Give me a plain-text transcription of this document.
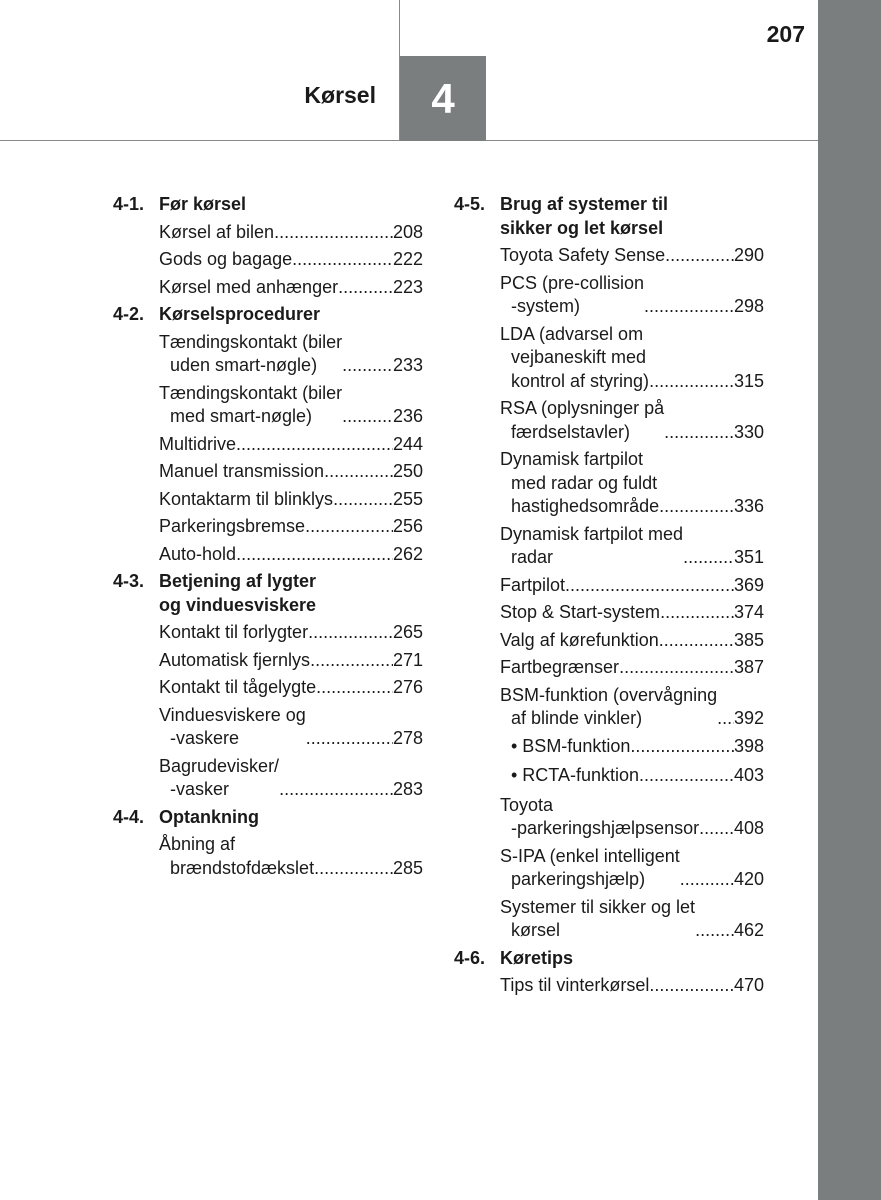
207
Kørsel 4
4-1. Før kørsel
Kørsel af bilen .....	208
Gods og bagage .....	222
Kørsel med anhænger .....	223
4-2. Kørselsprocedurer
Tændingskontakt (biler
uden smart-nøgle) .....	233
Tændingskontakt (biler
med smart-nøgle) .....	236
Multidrive .....	244
Manuel transmission .....	250
Kontaktarm til blinklys .....	255
Parkeringsbremse .....	256
Auto-hold .....	262
4-3. Betjening af lygter
og vinduesviskere
Kontakt til forlygter .....	265
Automatisk fjernlys .....	271
Kontakt til tågelygte .....	276
Vinduesviskere og
-vaskere .....	278
Bagrudevisker/
-vasker .....	283
4-4. Optankning
Åbning af
brændstofdækslet .....	285
4-5. Brug af systemer til
sikker og let kørsel
Toyota Safety Sense .....	290
PCS (pre-collision
-system) .....	298
LDA (advarsel om
vejbaneskift med
kontrol af styring) .....	315
RSA (oplysninger på
færdselstavler) .....	330
Dynamisk fartpilot
med radar og fuldt
hastighedsområde .....	336
Dynamisk fartpilot med
radar .....	351
Fartpilot .....	369
Stop & Start-system .....	374
Valg af kørefunktion .....	385
Fartbegrænser .....	387
BSM-funktion (overvågning
af blinde vinkler) .....	392
• BSM-funktion .....	398
• RCTA-funktion .....	403
Toyota
-parkeringshjælpsensor ..... 408
S-IPA (enkel intelligent
parkeringshjælp) .....	420
Systemer til sikker og let
kørsel .....	462
4-6. Køretips
Tips til vinterkørsel .....	470
